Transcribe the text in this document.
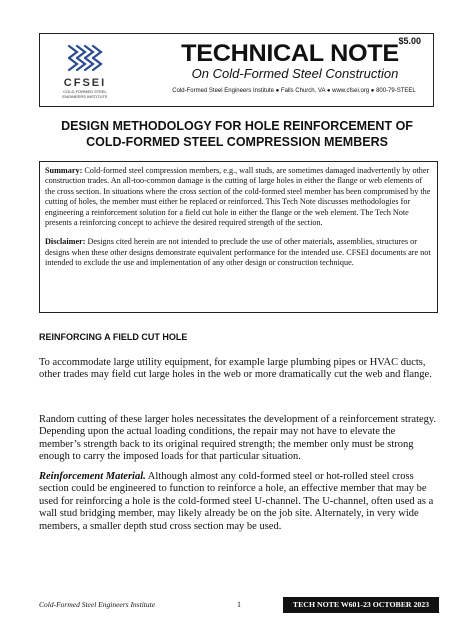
$5.00
CFSEI
COLD-FORMED STEEL
ENGINEERS INSTITUTE
TECHNICAL NOTE
On Cold-Formed Steel Construction
Cold-Formed Steel Engineers Institute ● Falls Church, VA ● www.cfsei.org ● 800-79-STEEL
DESIGN METHODOLOGY FOR HOLE REINFORCEMENT OF
COLD-FORMED STEEL COMPRESSION MEMBERS

Summary: Cold-formed steel compression members, e.g., wall studs, are sometimes damaged inadvertently by other construction trades. An all-too-common damage is the cutting of large holes in either the flange or web elements of the cross section. In situations where the cross section of the cold-formed steel member has been compromised by the cutting of holes, the member must either be replaced or reinforced. This Tech Note discusses methodologies for engineering a reinforcement solution for a field cut hole in either the flange or the web element. The Tech Note presents a reinforcing concept to achieve the desired required strength of the section.

Disclaimer: Designs cited herein are not intended to preclude the use of other materials, assemblies, structures or designs when these other designs demonstrate equivalent performance for the intended use. CFSEI documents are not intended to exclude the use and implementation of any other design or construction technique.

REINFORCING A FIELD CUT HOLE

To accommodate large utility equipment, for example large plumbing pipes or HVAC ducts, other trades may field cut large holes in the web or more dramatically cut the web and flange.

Random cutting of these larger holes necessitates the development of a reinforcement strategy. Depending upon the actual loading conditions, the repair may not have to elevate the member’s strength back to its original required strength; the member only must be strong enough to carry the imposed loads for that particular situation.

Reinforcement Material. Although almost any cold-formed steel or hot-rolled steel cross section could be engineered to function to reinforce a hole, an effective member that may be used for reinforcing a hole is the cold-formed steel U-channel. The U-channel, often used as a wall stud bridging member, may likely already be on the job site. Alternately, in very wide members, a smaller depth stud cross section may be used.

Cold-Formed Steel Engineers Institute	1	TECH NOTE W601-23 OCTOBER 2023
